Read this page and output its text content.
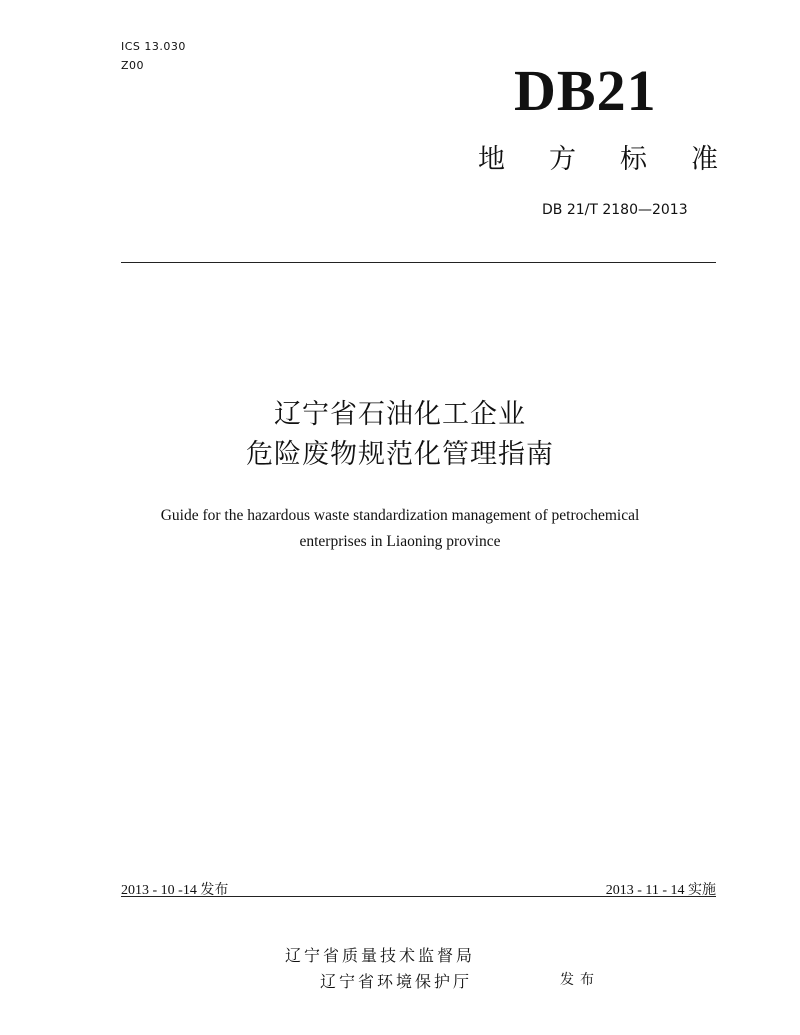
ICS 13.030
Z00	DB21
地 方 标 准
DB 21/T 2180—2013
辽宁省石油化工企业
危险废物规范化管理指南
Guide for the hazardous waste standardization management of petrochemical
enterprises in Liaoning province
2013 - 10 -14 发布	2013 - 11 - 14 实施
辽宁省质量技术监督局
辽宁省环境保护厅	发布
